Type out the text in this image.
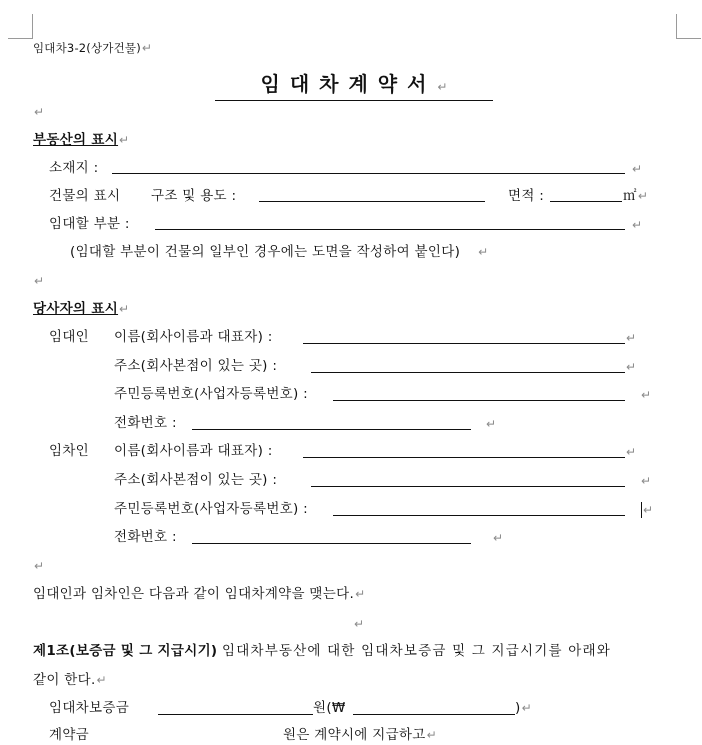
임대차3-2(상가건물)↵
임대차계약서↵
↵
부동산의 표시↵
소재지 :	↵
건물의 표시 구조 및 용도 :	면적 :	㎡↵
임대할 부분 :	↵
(임대할 부분이 건물의 일부인 경우에는 도면을 작성하여 붙인다) ↵
↵
당사자의 표시↵
임대인 이름(회사이름과 대표자) :	↵
주소(회사본점이 있는 곳) :	↵
주민등록번호(사업자등록번호) :	↵
전화번호 :	↵
임차인 이름(회사이름과 대표자) :	↵
주소(회사본점이 있는 곳) :	↵
주민등록번호(사업자등록번호) :	↵
전화번호 :	↵
↵
임대인과 임차인은 다음과 같이 임대차계약을 맺는다.↵
↵
제1조(보증금 및 그 지급시기) 임대차부동산에 대한 임대차보증금 및 그 지급시기를 아래와
같이 한다.↵
임대차보증금	원(₩	)↵
계약금	원은 계약시에 지급하고↵
